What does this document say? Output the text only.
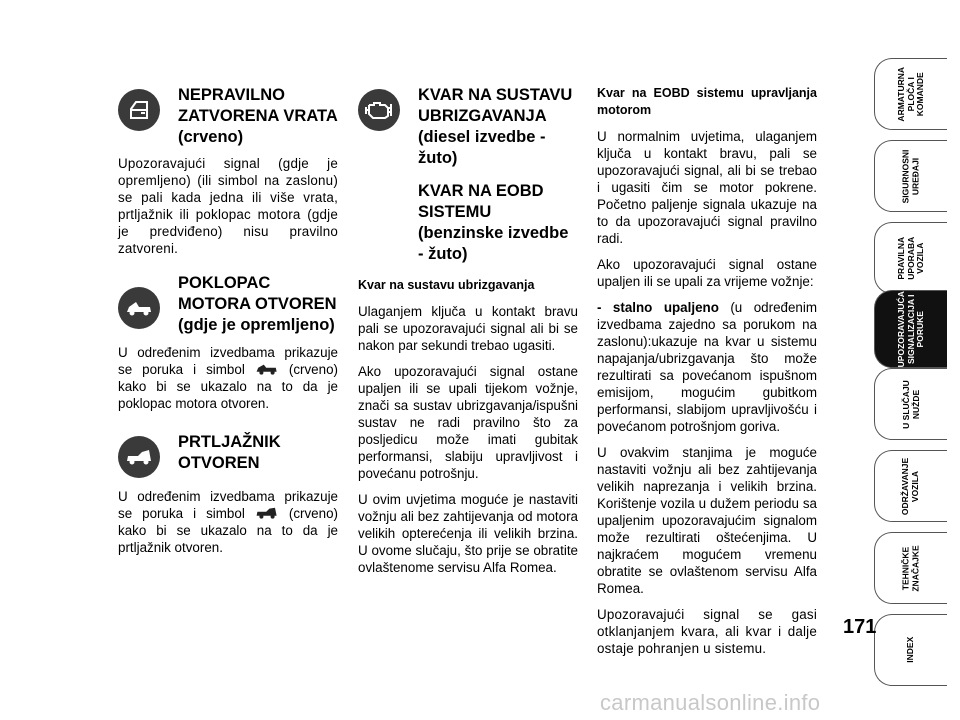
NEPRAVILNO ZATVORENA VRATA (crveno)

Upozoravajući signal (gdje je opremljeno) (ili simbol na zaslonu) se pali kada jedna ili više vrata, prtljažnik ili poklopac motora (gdje je predviđeno) nisu pravilno zatvoreni.

POKLOPAC MOTORA OTVOREN (gdje je opremljeno)

U određenim izvedbama prikazuje se poruka i simbol	(crveno) kako bi se ukazalo na to da je poklopac motora otvoren.

PRTLJAŽNIK OTVOREN

U određenim izvedbama prikazuje se poruka i simbol	(crveno) kako bi se ukazalo na to da je prtljažnik otvoren.

KVAR NA SUSTAVU UBRIZGAVANJA (diesel izvedbe - žuto)
KVAR NA EOBD SISTEMU (benzinske izvedbe - žuto)

Kvar na sustavu ubrizgavanja

Ulaganjem ključa u kontakt bravu pali se upozoravajući signal ali bi se nakon par sekundi trebao ugasiti.

Ako upozoravajući signal ostane upaljen ili se upali tijekom vožnje, znači sa sustav ubrizgavanja/ispušni sustav ne radi pravilno što za posljedicu može imati gubitak performansi, slabiju upravljivost i povećanu potrošnju.

U ovim uvjetima moguće je nastaviti vožnju ali bez zahtijevanja od motora velikih opterećenja ili velikih brzina. U ovome slučaju, što prije se obratite ovlaštenome servisu Alfa Romea.

Kvar na EOBD sistemu upravljanja motorom

U normalnim uvjetima, ulaganjem ključa u kontakt bravu, pali se upozoravajući signal, ali bi se trebao i ugasiti čim se motor pokrene. Početno paljenje signala ukazuje na to da upozoravajući signal pravilno radi.

Ako upozoravajući signal ostane upaljen ili se upali za vrijeme vožnje:

- stalno upaljeno (u određenim izvedbama zajedno sa porukom na zaslonu):ukazuje na kvar u sistemu napajanja/ubrizgavanja što može rezultirati sa povećanom ispušnom emisijom, mogućim gubitkom performansi, slabijom upravljivošću i povećanom potrošnjom goriva.

U ovakvim stanjima je moguće nastaviti vožnju ali bez zahtijevanja velikih naprezanja i velikih brzina. Korištenje vozila u dužem periodu sa upaljenim upozoravajućim signalom može rezultirati oštećenjima. U najkraćem mogućem vremenu obratite se ovlaštenom servisu Alfa Romea.

Upozoravajući signal se gasi otklanjanjem kvara, ali kvar i dalje ostaje pohranjen u sistemu.

ARMATURNA
PLOČA I
KOMANDE
SIGURNOSNI
UREĐAJI
PRAVILNA
UPORABA
VOZILA
UPOZORAVAJUĆA
SIGNALIZACIJA I
PORUKE
U SLUČAJU
NUŽDE
ODRŽAVANJE
VOZILA
TEHNIČKE
ZNAČAJKE
INDEX
171
carmanualsonline.info
